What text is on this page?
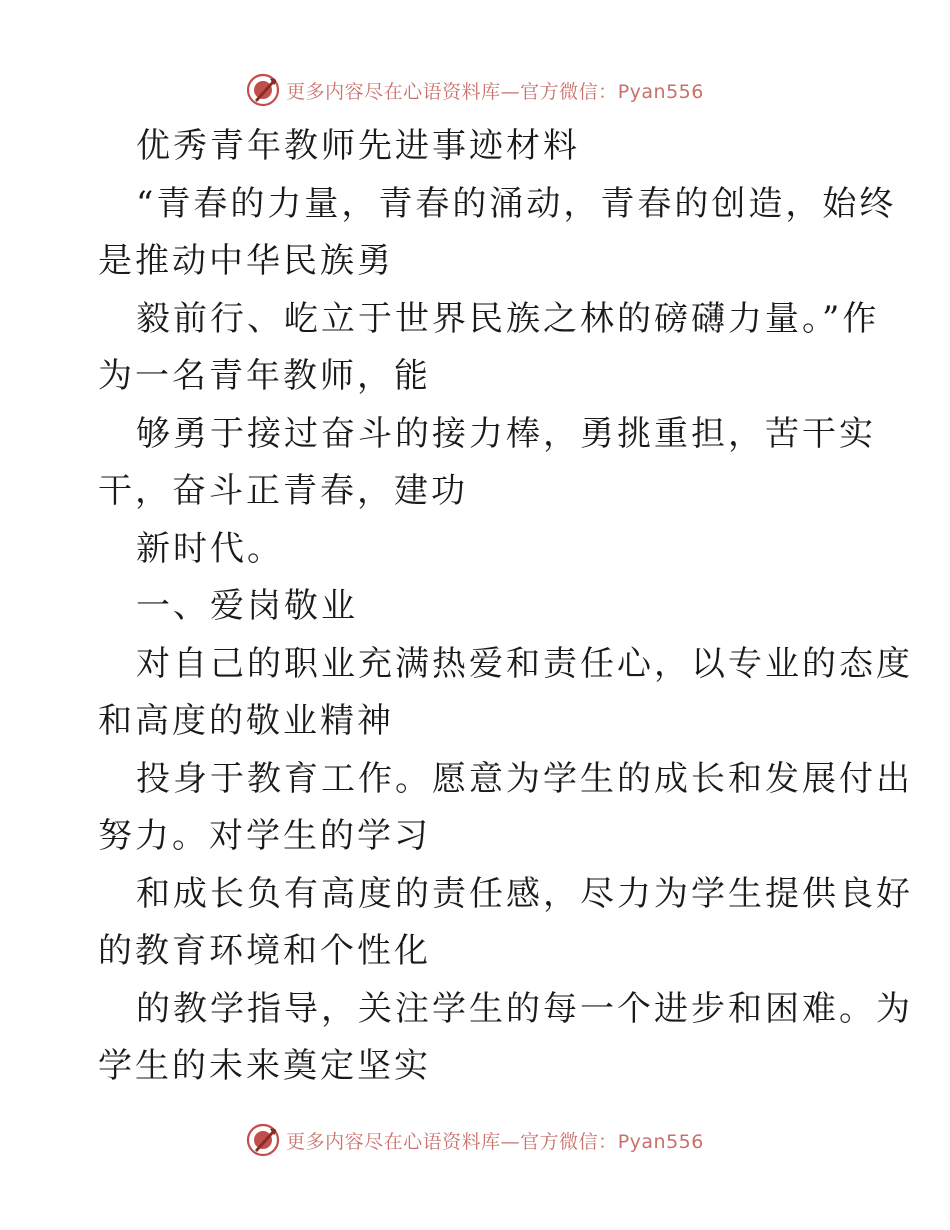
更多内容尽在心语资料库—官方微信：Pyan556
优秀青年教师先进事迹材料
“青春的力量，青春的涌动，青春的创造，始终
是推动中华民族勇
毅前行、屹立于世界民族之林的磅礴力量。”作
为一名青年教师，能
够勇于接过奋斗的接力棒，勇挑重担，苦干实
干，奋斗正青春，建功
新时代。
一、爱岗敬业
对自己的职业充满热爱和责任心，以专业的态度
和高度的敬业精神
投身于教育工作。愿意为学生的成长和发展付出
努力。对学生的学习
和成长负有高度的责任感，尽力为学生提供良好
的教育环境和个性化
的教学指导，关注学生的每一个进步和困难。为
学生的未来奠定坚实
更多内容尽在心语资料库—官方微信：Pyan556
